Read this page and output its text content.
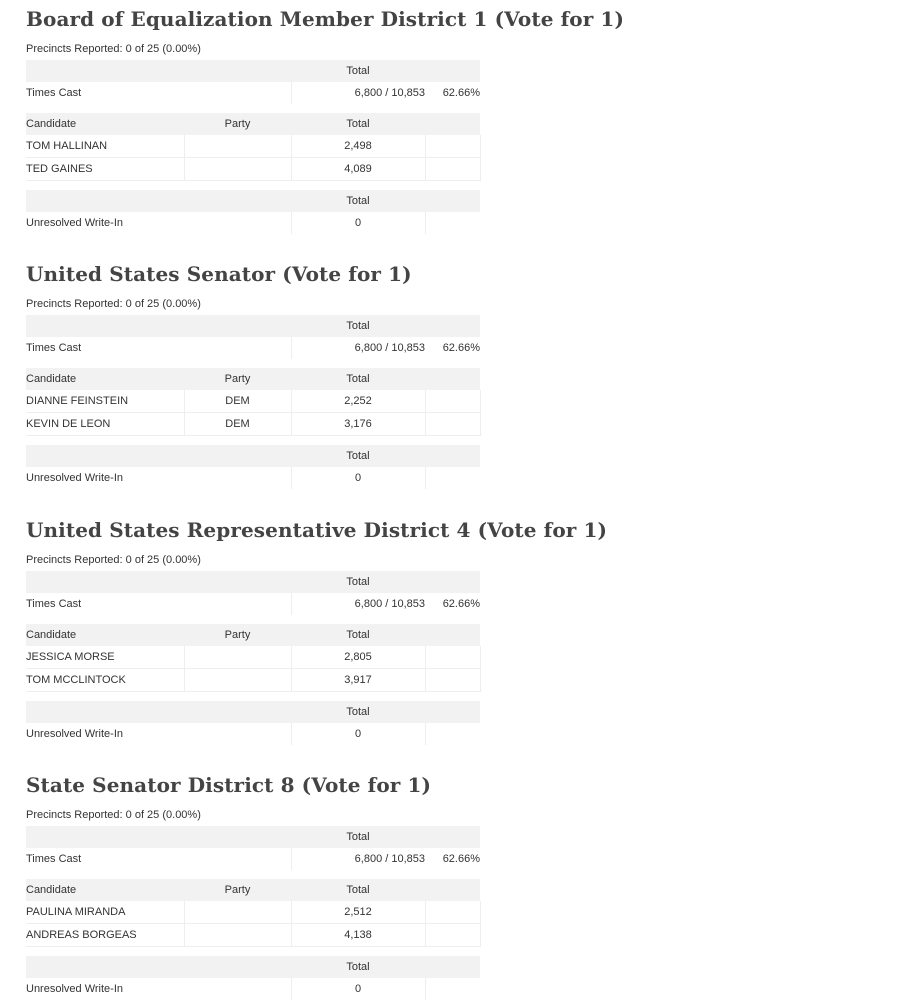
Board of Equalization Member District 1 (Vote for 1)
Precincts Reported: 0 of 25 (0.00%)
		Total	
Times Cast		6,800 / 10,853	62.66%

Candidate	Party	Total	
TOM HALLINAN		2,498	
TED GAINES		4,089	

		Total	
Unresolved Write-In		0	
United States Senator (Vote for 1)
Precincts Reported: 0 of 25 (0.00%)
		Total	
Times Cast		6,800 / 10,853	62.66%

Candidate	Party	Total	
DIANNE FEINSTEIN	DEM	2,252	
KEVIN DE LEON	DEM	3,176	

		Total	
Unresolved Write-In		0	
United States Representative District 4 (Vote for 1)
Precincts Reported: 0 of 25 (0.00%)
		Total	
Times Cast		6,800 / 10,853	62.66%

Candidate	Party	Total	
JESSICA MORSE		2,805	
TOM MCCLINTOCK		3,917	

		Total	
Unresolved Write-In		0	
State Senator District 8 (Vote for 1)
Precincts Reported: 0 of 25 (0.00%)
		Total	
Times Cast		6,800 / 10,853	62.66%

Candidate	Party	Total	
PAULINA MIRANDA		2,512	
ANDREAS BORGEAS		4,138	

		Total	
Unresolved Write-In		0	
